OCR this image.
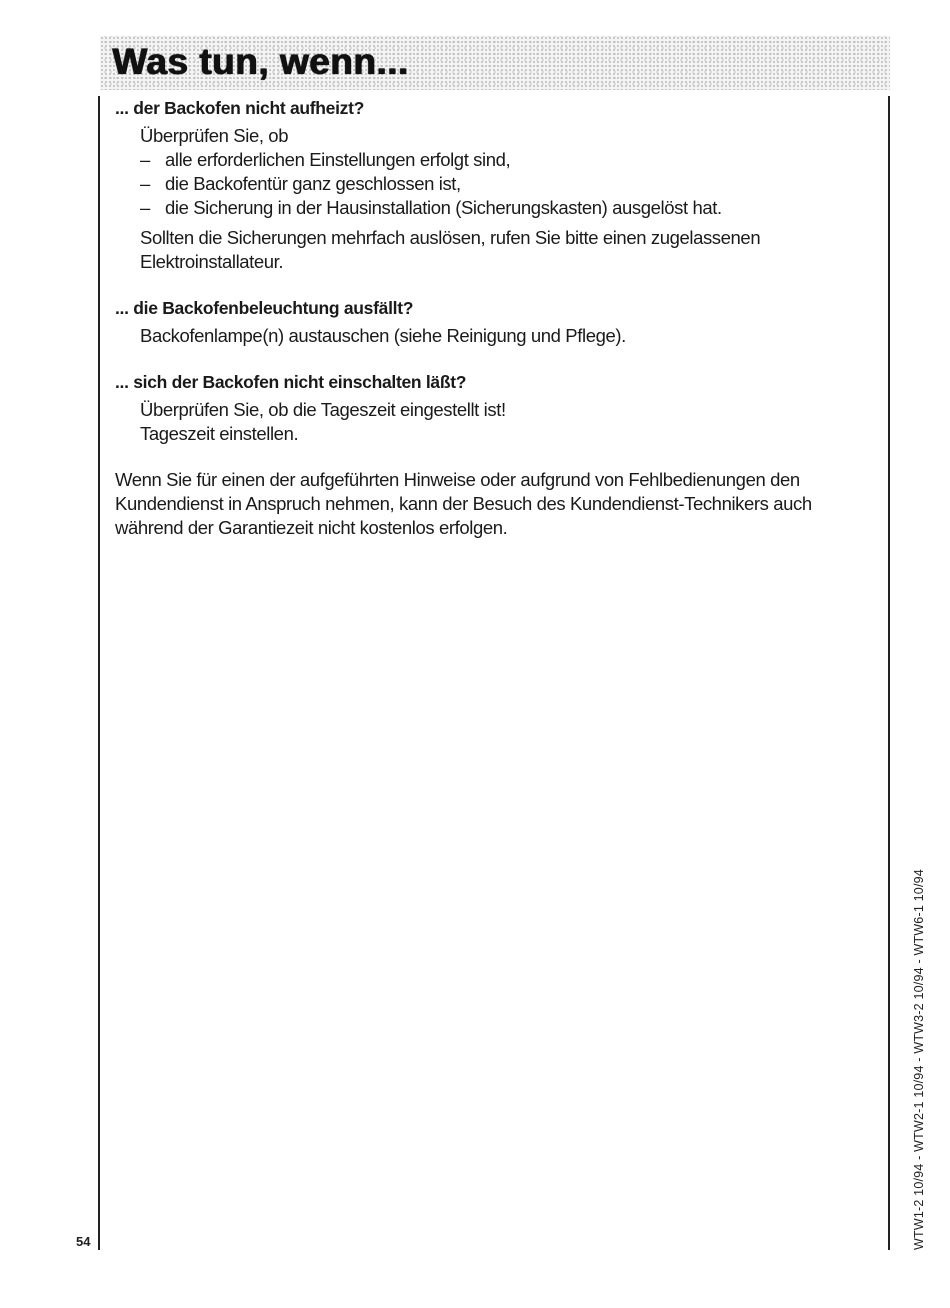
Was tun, wenn...
... der Backofen nicht aufheizt?

Überprüfen Sie, ob

– alle erforderlichen Einstellungen erfolgt sind,
– die Backofentür ganz geschlossen ist,
– die Sicherung in der Hausinstallation (Sicherungskasten) ausgelöst hat.

Sollten die Sicherungen mehrfach auslösen, rufen Sie bitte einen zugelassenen Elektroinstallateur.

... die Backofenbeleuchtung ausfällt?

Backofenlampe(n) austauschen (siehe Reinigung und Pflege).

... sich der Backofen nicht einschalten läßt?

Überprüfen Sie, ob die Tageszeit eingestellt ist!

Tageszeit einstellen.

Wenn Sie für einen der aufgeführten Hinweise oder aufgrund von Fehlbedienungen den Kundendienst in Anspruch nehmen, kann der Besuch des Kundendienst-Technikers auch während der Garantiezeit nicht kostenlos erfolgen.

54	WTW1-2 10/94 - WTW2-1 10/94 - WTW3-2 10/94 - WTW6-1 10/94
